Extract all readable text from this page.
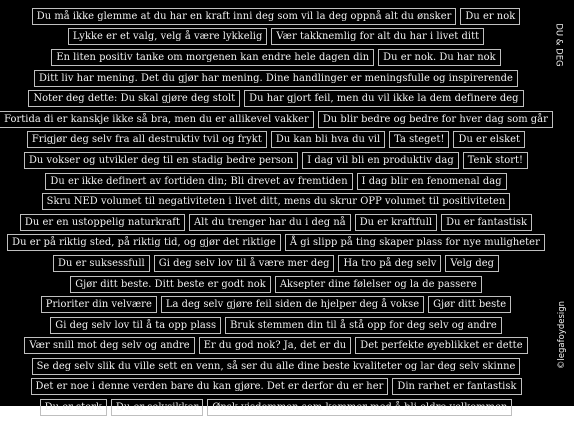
Du må ikke glemme at du har en kraft inni deg som vil la deg oppnå alt du ønsker	Du er nok
Lykke er et valg, velg å være lykkelig	Vær takknemlig for alt du har i livet ditt
En liten positiv tanke om morgenen kan endre hele dagen din	Du er nok. Du har nok
Ditt liv har mening. Det du gjør har mening. Dine handlinger er meningsfulle og inspirerende
Noter deg dette: Du skal gjøre deg stolt	Du har gjort feil, men du vil ikke la dem definere deg
Fortida di er kanskje ikke så bra, men du er allikevel vakker	Du blir bedre og bedre for hver dag som går
Frigjør deg selv fra all destruktiv tvil og frykt	Du kan bli hva du vil	Ta steget!	Du er elsket
Du vokser og utvikler deg til en stadig bedre person	I dag vil bli en produktiv dag	Tenk stort!
Du er ikke definert av fortiden din; Bli drevet av fremtiden	I dag blir en fenomenal dag
Skru NED volumet til negativiteten i livet ditt, mens du skrur OPP volumet til positiviteten
Du er en ustoppelig naturkraft	Alt du trenger har du i deg nå	Du er kraftfull	Du er fantastisk
Du er på riktig sted, på riktig tid, og gjør det riktige	Å gi slipp på ting skaper plass for nye muligheter
Du er suksessfull	Gi deg selv lov til å være mer deg	Ha tro på deg selv	Velg deg
Gjør ditt beste. Ditt beste er godt nok	Aksepter dine følelser og la de passere
Prioriter din velvære	La deg selv gjøre feil siden de hjelper deg å vokse	Gjør ditt beste
Gi deg selv lov til å ta opp plass	Bruk stemmen din til å stå opp for deg selv og andre
Vær snill mot deg selv og andre	Er du god nok? Ja, det er du	Det perfekte øyeblikket er dette
Se deg selv slik du ville sett en venn, så ser du alle dine beste kvaliteter og lar deg selv skinne
Det er noe i denne verden bare du kan gjøre. Det er derfor du er her	Din rarhet er fantastisk
Du er sterk	Du er selvsikker	Ønsk visdommen som kommer med å bli eldre velkommen
DU & DEG
©legafoydesign
